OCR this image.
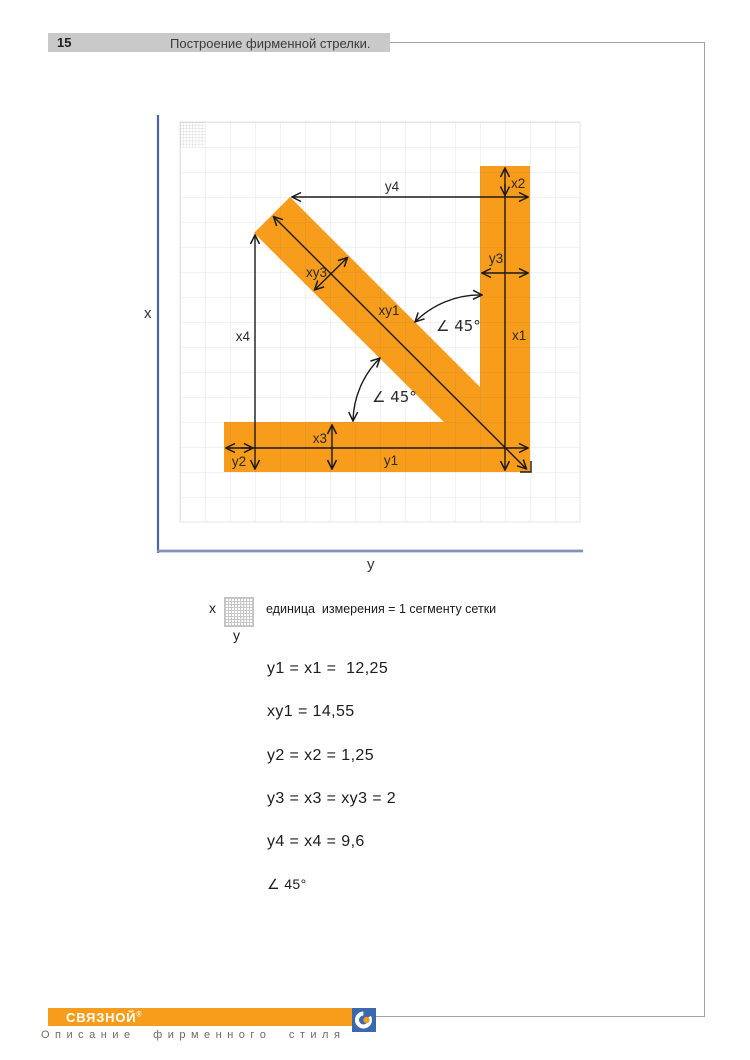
15	Построение фирменной стрелки.
x
y
y4	x2
y3
x1
xy1
xy3
x4
x3
y1
y2
∠ 45°
∠ 45°
x
y
единица  измерения = 1 сегменту сетки
y1 = x1 =  12,25
xy1 = 14,55
y2 = x2 = 1,25
y3 = x3 = xy3 = 2
y4 = x4 = 9,6
∠ 45°
СВЯЗНОЙ®
Описание фирменного стиля
